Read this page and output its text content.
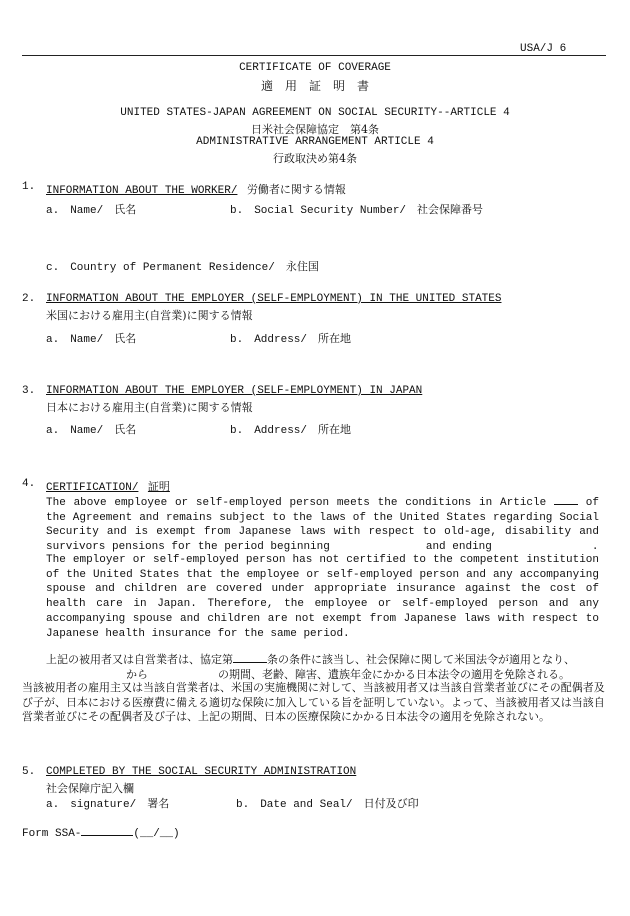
USA/J 6
CERTIFICATE OF COVERAGE
適　用　証　明　書
UNITED STATES-JAPAN AGREEMENT ON SOCIAL SECURITY--ARTICLE 4
日米社会保障協定　第4条
ADMINISTRATIVE ARRANGEMENT ARTICLE 4
行政取決め第4条
1. INFORMATION ABOUT THE WORKER/ 労働者に関する情報
a.　Name/　氏名	b.　Social Security Number/　社会保障番号
c.　Country of Permanent Residence/　永住国
2. INFORMATION ABOUT THE EMPLOYER (SELF-EMPLOYMENT) IN THE UNITED STATES
米国における雇用主(自営業)に関する情報
a.　Name/　氏名	b.　Address/　所在地
3. INFORMATION ABOUT THE EMPLOYER (SELF-EMPLOYMENT) IN JAPAN
日本における雇用主(自営業)に関する情報
a.　Name/　氏名	b.　Address/　所在地
4. CERTIFICATION/ 証明
The above employee or self-employed person meets the conditions in Article	of the Agreement and remains subject to the laws of the United States regarding Social Security and is exempt from Japanese laws with respect to old-age, disability and survivors pensions for the period beginning	and ending	.
The employer or self-employed person has not certified to the competent institution of the United States that the employee or self-employed person and any accompanying spouse and children are covered under appropriate insurance against the cost of health care in Japan. Therefore, the employee or self-employed person and any accompanying spouse and children are not exempt from Japanese laws with respect to Japanese health insurance for the same period.
上記の被用者又は自営業者は、協定第	条の条件に該当し、社会保障に関して米国法令が適用となり、
から	の期間、老齢、障害、遺族年金にかかる日本法令の適用を免除される。
当該被用者の雇用主又は当該自営業者は、米国の実施機関に対して、当該被用者又は当該自営業者並びにその配偶者及び子が、日本における医療費に備える適切な保険に加入している旨を証明していない。よって、当該被用者又は当該自営業者並びにその配偶者及び子は、上記の期間、日本の医療保険にかかる日本法令の適用を免除されない。
5. COMPLETED BY THE SOCIAL SECURITY ADMINISTRATION
社会保障庁記入欄
a.　signature/　署名	b.　Date and Seal/　日付及び印
Form SSA-	(__/__)
